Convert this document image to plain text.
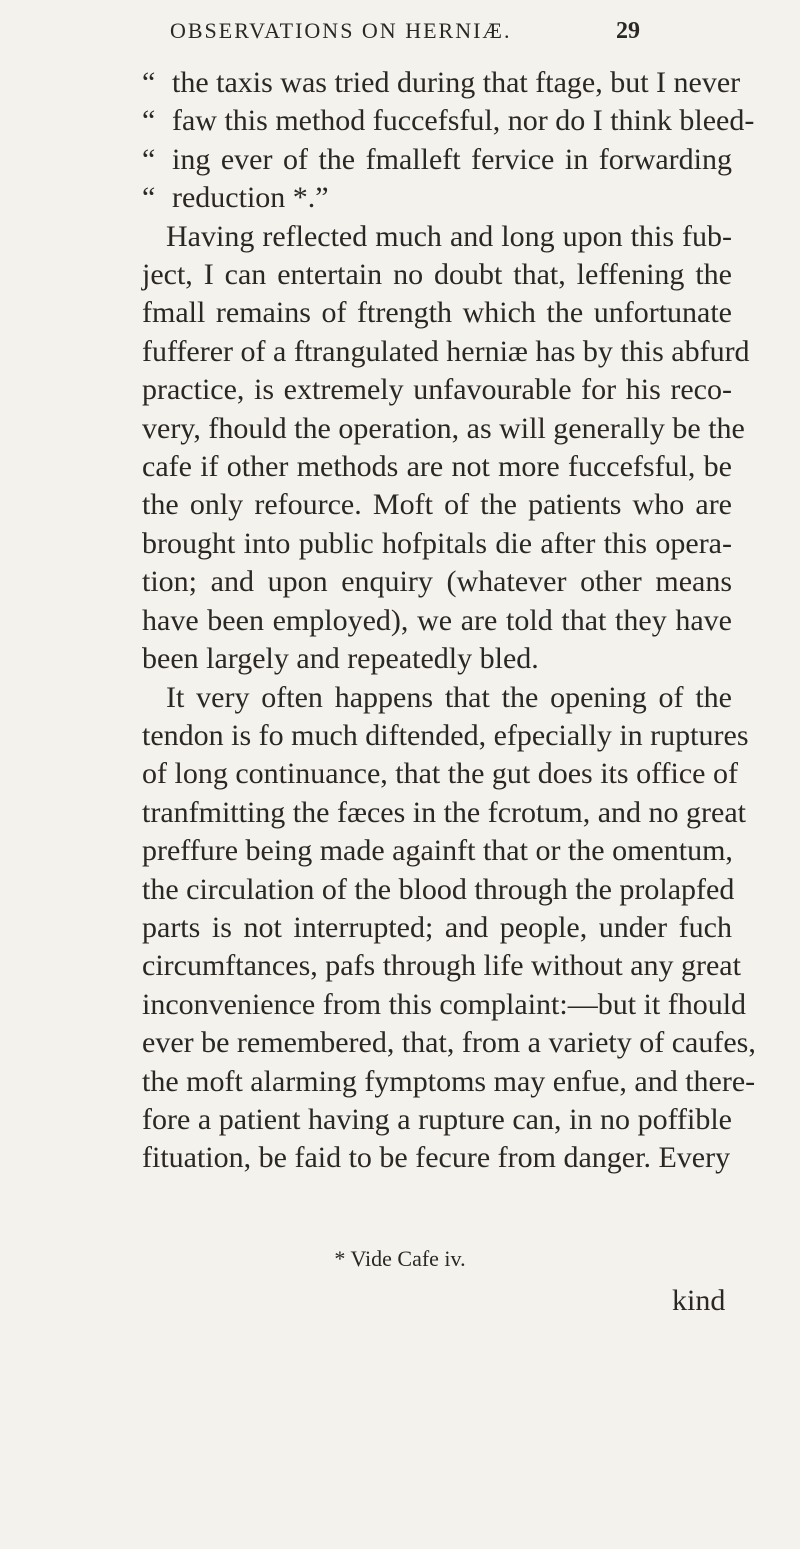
OBSERVATIONS ON HERNIÆ.	29
“ the taxis was tried during that ftage, but I never
“ faw this method fuccefsful, nor do I think bleed-
“ ing ever of the fmalleft fervice in forwarding
“ reduction *.”
Having reflected much and long upon this fub-
ject, I can entertain no doubt that, leffening the
fmall remains of ftrength which the unfortunate
fufferer of a ftrangulated herniæ has by this abfurd
practice, is extremely unfavourable for his reco-
very, fhould the operation, as will generally be the
cafe if other methods are not more fuccefsful, be
the only refource. Moft of the patients who are
brought into public hofpitals die after this opera-
tion; and upon enquiry (whatever other means
have been employed), we are told that they have
been largely and repeatedly bled.
It very often happens that the opening of the
tendon is fo much diftended, efpecially in ruptures
of long continuance, that the gut does its office of
tranfmitting the fæces in the fcrotum, and no great
preffure being made againft that or the omentum,
the circulation of the blood through the prolapfed
parts is not interrupted; and people, under fuch
circumftances, pafs through life without any great
inconvenience from this complaint:—but it fhould
ever be remembered, that, from a variety of caufes,
the moft alarming fymptoms may enfue, and there-
fore a patient having a rupture can, in no poffible
fituation, be faid to be fecure from danger. Every
* Vide Cafe iv.
kind
